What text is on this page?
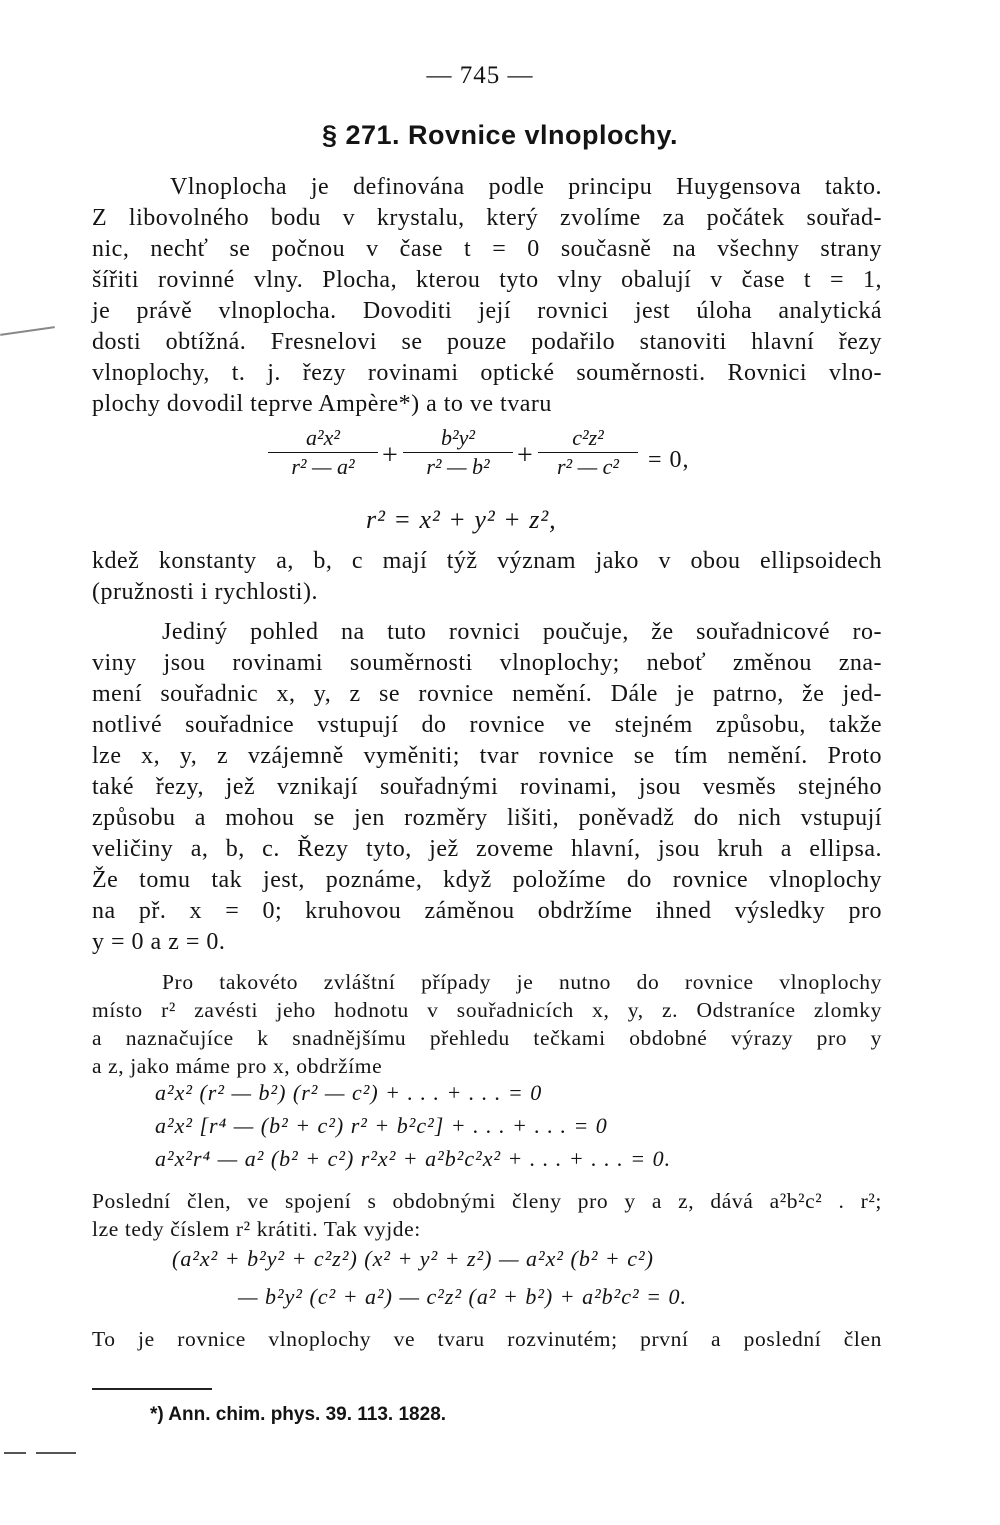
— 745 —
§ 271. Rovnice vlnoplochy.
Vlnoplocha je definována podle principu Huygensova takto.
Z libovolného bodu v krystalu, který zvolíme za počátek souřad-
nic, nechť se počnou v čase t = 0 současně na všechny strany
šířiti rovinné vlny. Plocha, kterou tyto vlny obalují v čase t = 1,
je právě vlnoplocha. Dovoditi její rovnici jest úloha analytická
dosti obtížná. Fresnelovi se pouze podařilo stanoviti hlavní řezy
vlnoplochy, t. j. řezy rovinami optické souměrnosti. Rovnici vlno-
plochy dovodil teprve Ampère*) a to ve tvaru
$\frac{\text{a²x²}}{\text{r² — a²}} + \frac{\text{b²y²}}{\text{r² — b²}} + \frac{\text{c²z²}}{\text{r² — c²}} = 0$,
r² = x² + y² + z²,
kdež konstanty a, b, c mají týž význam jako v obou ellipsoidech
(pružnosti i rychlosti).
Jediný pohled na tuto rovnici poučuje, že souřadnicové ro-
viny jsou rovinami souměrnosti vlnoplochy; neboť změnou zna-
mení souřadnic x, y, z se rovnice nemění. Dále je patrno, že jed-
notlivé souřadnice vstupují do rovnice ve stejném způsobu, takže
lze x, y, z vzájemně vyměniti; tvar rovnice se tím nemění. Proto
také řezy, jež vznikají souřadnými rovinami, jsou vesměs stejného
způsobu a mohou se jen rozměry lišiti, poněvadž do nich vstupují
veličiny a, b, c. Řezy tyto, jež zoveme hlavní, jsou kruh a ellipsa.
Že tomu tak jest, poznáme, když položíme do rovnice vlnoplochy
na př. x = 0; kruhovou záměnou obdržíme ihned výsledky pro
y = 0 a z = 0.
Pro takovéto zvláštní případy je nutno do rovnice vlnoplochy
místo r² zavésti jeho hodnotu v souřadnicích x, y, z. Odstraníce zlomky
a naznačujíce k snadnějšímu přehledu tečkami obdobné výrazy pro y
a z, jako máme pro x, obdržíme
a²x² (r² — b²) (r² — c²) + . . . + . . . = 0
a²x² [r⁴ — (b² + c²) r² + b²c²] + . . . + . . . = 0
a²x²r⁴ — a² (b² + c²) r²x² + a²b²c²x² + . . . + . . . = 0.
Poslední člen, ve spojení s obdobnými členy pro y a z, dává a²b²c² . r²;
lze tedy číslem r² krátiti. Tak vyjde:
(a²x² + b²y² + c²z²) (x² + y² + z²) — a²x² (b² + c²)
— b²y² (c² + a²) — c²z² (a² + b²) + a²b²c² = 0.
To je rovnice vlnoplochy ve tvaru rozvinutém; první a poslední člen
*) Ann. chim. phys. 39. 113. 1828.
